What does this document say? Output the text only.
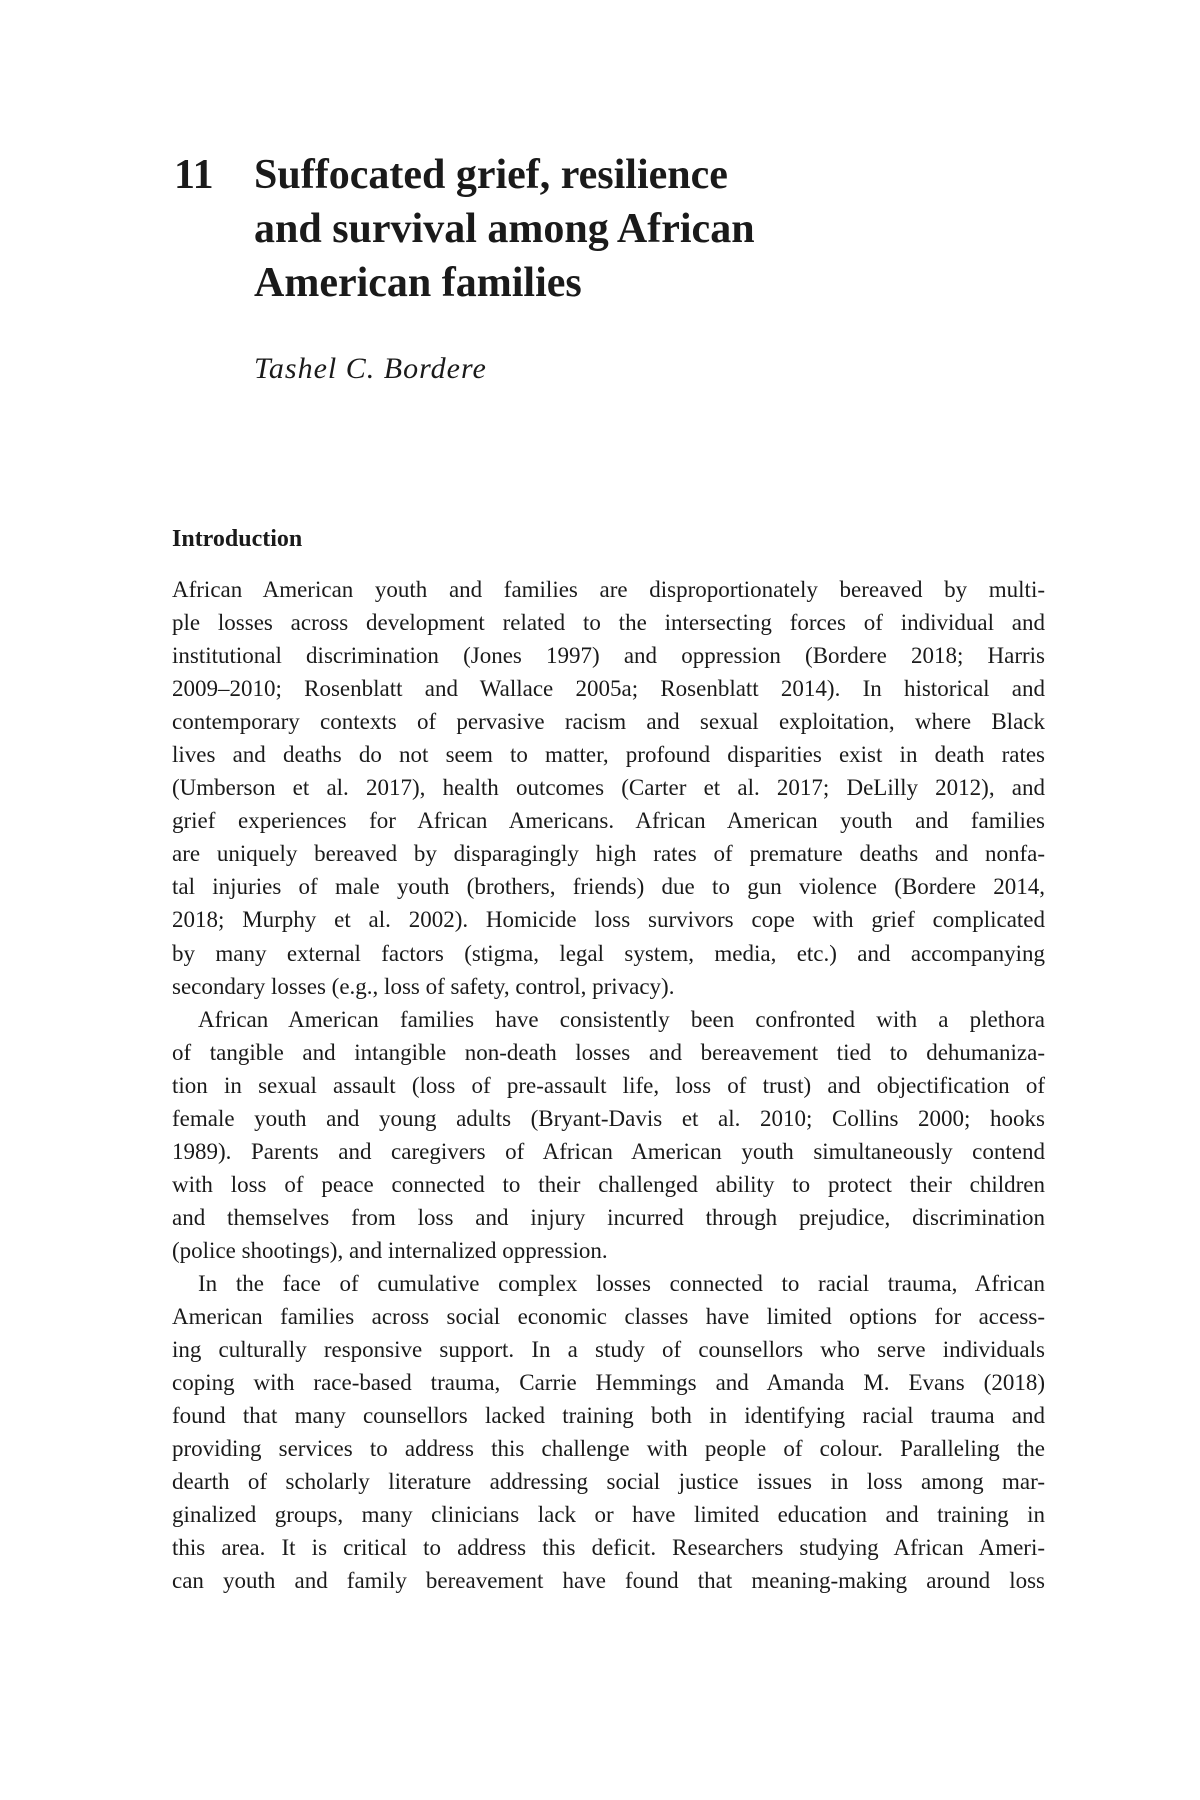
11 Suffocated grief, resilience
and survival among African
American families
Tashel C. Bordere
Introduction

African American youth and families are disproportionately bereaved by multi-
ple losses across development related to the intersecting forces of individual and
institutional discrimination (Jones 1997) and oppression (Bordere 2018; Harris
2009–2010; Rosenblatt and Wallace 2005a; Rosenblatt 2014). In historical and
contemporary contexts of pervasive racism and sexual exploitation, where Black
lives and deaths do not seem to matter, profound disparities exist in death rates
(Umberson et al. 2017), health outcomes (Carter et al. 2017; DeLilly 2012), and
grief experiences for African Americans. African American youth and families
are uniquely bereaved by disparagingly high rates of premature deaths and nonfa-
tal injuries of male youth (brothers, friends) due to gun violence (Bordere 2014,
2018; Murphy et al. 2002). Homicide loss survivors cope with grief complicated
by many external factors (stigma, legal system, media, etc.) and accompanying
secondary losses (e.g., loss of safety, control, privacy).

African American families have consistently been confronted with a plethora
of tangible and intangible non-death losses and bereavement tied to dehumaniza-
tion in sexual assault (loss of pre-assault life, loss of trust) and objectification of
female youth and young adults (Bryant-Davis et al. 2010; Collins 2000; hooks
1989). Parents and caregivers of African American youth simultaneously contend
with loss of peace connected to their challenged ability to protect their children
and themselves from loss and injury incurred through prejudice, discrimination
(police shootings), and internalized oppression.

In the face of cumulative complex losses connected to racial trauma, African
American families across social economic classes have limited options for access-
ing culturally responsive support. In a study of counsellors who serve individuals
coping with race-based trauma, Carrie Hemmings and Amanda M. Evans (2018)
found that many counsellors lacked training both in identifying racial trauma and
providing services to address this challenge with people of colour. Paralleling the
dearth of scholarly literature addressing social justice issues in loss among mar-
ginalized groups, many clinicians lack or have limited education and training in
this area. It is critical to address this deficit. Researchers studying African Ameri-
can youth and family bereavement have found that meaning-making around loss
